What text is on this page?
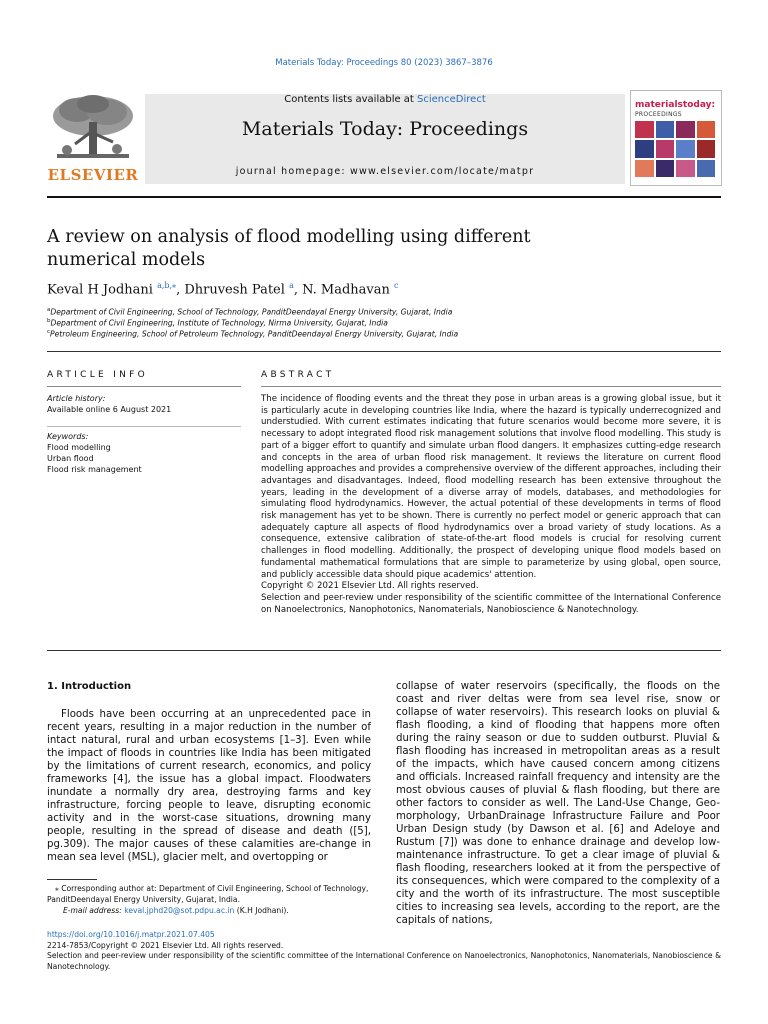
Materials Today: Proceedings 80 (2023) 3867–3876
ELSEVIER
Contents lists available at ScienceDirect
Materials Today: Proceedings
journal homepage: www.elsevier.com/locate/matpr
materialstoday:
PROCEEDINGS
A review on analysis of flood modelling using different numerical models
Keval H Jodhani $^{a,b,⁎}$, Dhruvesh Patel $^a$, N. Madhavan $^c$
$^a$Department of Civil Engineering, School of Technology, PanditDeendayal Energy University, Gujarat, India
$^b$Department of Civil Engineering, Institute of Technology, Nirma University, Gujarat, India
$^c$Petroleum Engineering, School of Petroleum Technology, PanditDeendayal Energy University, Gujarat, India
ARTICLE INFO
Article history:
Available online 6 August 2021
Keywords:
Flood modelling
Urban flood
Flood risk management
ABSTRACT

The incidence of flooding events and the threat they pose in urban areas is a growing global issue, but it is particularly acute in developing countries like India, where the hazard is typically underrecognized and understudied. With current estimates indicating that future scenarios would become more severe, it is necessary to adopt integrated flood risk management solutions that involve flood modelling. This study is part of a bigger effort to quantify and simulate urban flood dangers. It emphasizes cutting-edge research and concepts in the area of urban flood risk management. It reviews the literature on current flood modelling approaches and provides a comprehensive overview of the different approaches, including their advantages and disadvantages. Indeed, flood modelling research has been extensive throughout the years, leading in the development of a diverse array of models, databases, and methodologies for simulating flood hydrodynamics. However, the actual potential of these developments in terms of flood risk management has yet to be shown. There is currently no perfect model or generic approach that can adequately capture all aspects of flood hydrodynamics over a broad variety of study locations. As a consequence, extensive calibration of state-of-the-art flood models is crucial for resolving current challenges in flood modelling. Additionally, the prospect of developing unique flood models based on fundamental mathematical formulations that are simple to parameterize by using global, open source, and publicly accessible data should pique academics' attention.

Copyright © 2021 Elsevier Ltd. All rights reserved.

Selection and peer-review under responsibility of the scientific committee of the International Conference on Nanoelectronics, Nanophotonics, Nanomaterials, Nanobioscience & Nanotechnology.

1. Introduction

Floods have been occurring at an unprecedented pace in recent years, resulting in a major reduction in the number of intact natural, rural and urban ecosystems [1–3]. Even while the impact of floods in countries like India has been mitigated by the limitations of current research, economics, and policy frameworks [4], the issue has a global impact. Floodwaters inundate a normally dry area, destroying farms and key infrastructure, forcing people to leave, disrupting economic activity and in the worst-case situations, drowning many people, resulting in the spread of disease and death ([5], pg.309). The major causes of these calamities are-change in mean sea level (MSL), glacier melt, and overtopping or

collapse of water reservoirs (specifically, the floods on the coast and river deltas were from sea level rise, snow or collapse of water reservoirs). This research looks on pluvial & flash flooding, a kind of flooding that happens more often during the rainy season or due to sudden outburst. Pluvial & flash flooding has increased in metropolitan areas as a result of the impacts, which have caused concern among citizens and officials. Increased rainfall frequency and intensity are the most obvious causes of pluvial & flash flooding, but there are other factors to consider as well. The Land-Use Change, Geo-morphology, UrbanDrainage Infrastructure Failure and Poor Urban Design study (by Dawson et al. [6] and Adeloye and Rustum [7]) was done to enhance drainage and develop low-maintenance infrastructure. To get a clear image of pluvial & flash flooding, researchers looked at it from the perspective of its consequences, which were compared to the complexity of a city and the worth of its infrastructure. The most susceptible cities to increasing sea levels, according to the report, are the capitals of nations,

⁎ Corresponding author at: Department of Civil Engineering, School of Technology, PanditDeendayal Energy University, Gujarat, India.
E-mail address: keval.jphd20@sot.pdpu.ac.in (K.H Jodhani).
https://doi.org/10.1016/j.matpr.2021.07.405
2214-7853/Copyright © 2021 Elsevier Ltd. All rights reserved.
Selection and peer-review under responsibility of the scientific committee of the International Conference on Nanoelectronics, Nanophotonics, Nanomaterials, Nanobioscience & Nanotechnology.
